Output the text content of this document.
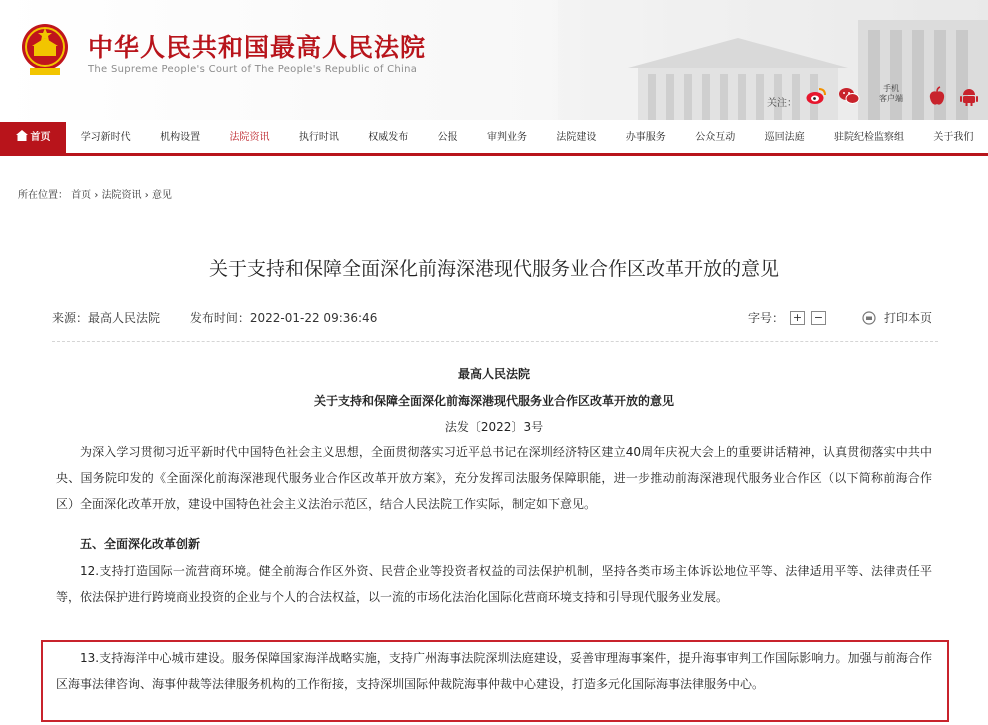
中华人民共和国最高人民法院
The Supreme People's Court of The People's Republic of China
关注：
手机
客户端
首页	学习新时代	机构设置	法院资讯	执行时讯	权威发布	公报	审判业务	法院建设	办事服务	公众互动	巡回法庭	驻院纪检监察组	关于我们
所在位置： 首页 › 法院资讯 › 意见
关于支持和保障全面深化前海深港现代服务业合作区改革开放的意见
来源：最高人民法院 发布时间：2022-01-22 09:36:46	字号： + −	打印本页
最高人民法院
关于支持和保障全面深化前海深港现代服务业合作区改革开放的意见
法发〔2022〕3号
为深入学习贯彻习近平新时代中国特色社会主义思想，全面贯彻落实习近平总书记在深圳经济特区建立40周年庆祝大会上的重要讲话精神，认真贯彻落实中共中央、国务院印发的《全面深化前海深港现代服务业合作区改革开放方案》，充分发挥司法服务保障职能，进一步推动前海深港现代服务业合作区（以下简称前海合作区）全面深化改革开放，建设中国特色社会主义法治示范区，结合人民法院工作实际，制定如下意见。
五、全面深化改革创新
12.支持打造国际一流营商环境。健全前海合作区外资、民营企业等投资者权益的司法保护机制，坚持各类市场主体诉讼地位平等、法律适用平等、法律责任平等，依法保护进行跨境商业投资的企业与个人的合法权益，以一流的市场化法治化国际化营商环境支持和引导现代服务业发展。
13.支持海洋中心城市建设。服务保障国家海洋战略实施，支持广州海事法院深圳法庭建设，妥善审理海事案件，提升海事审判工作国际影响力。加强与前海合作区海事法律咨询、海事仲裁等法律服务机构的工作衔接，支持深圳国际仲裁院海事仲裁中心建设，打造多元化国际海事法律服务中心。
